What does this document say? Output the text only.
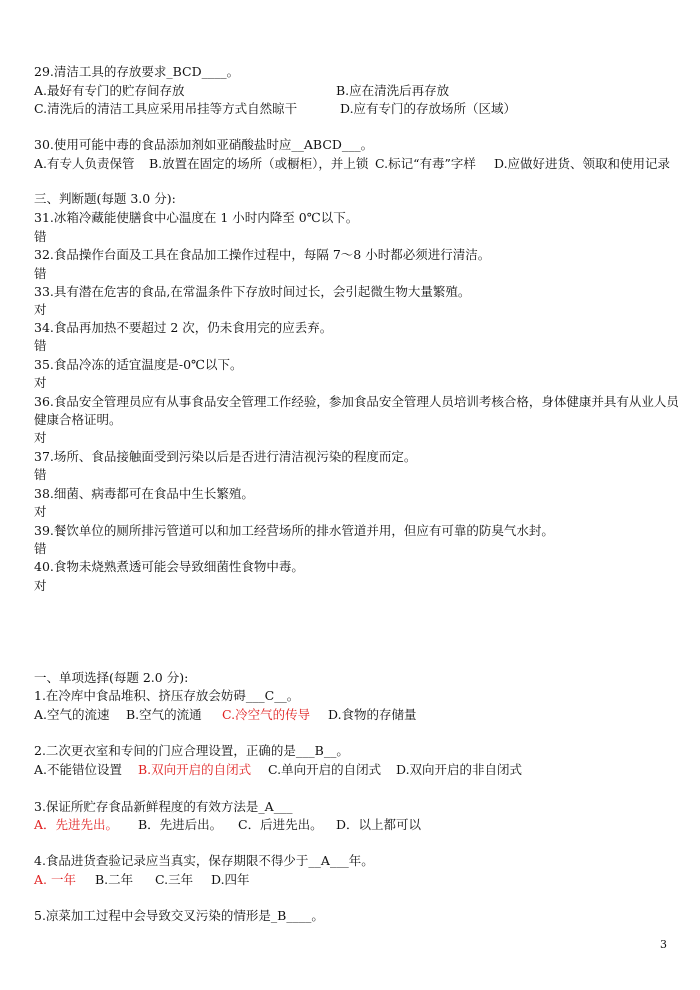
29.清洁工具的存放要求_BCD____。
A.最好有专门的贮存间存放	B.应在清洗后再存放
C.清洗后的清洁工具应采用吊挂等方式自然晾干	D.应有专门的存放场所（区域）
30.使用可能中毒的食品添加剂如亚硝酸盐时应__ABCD___。
A.有专人负责保管 B.放置在固定的场所（或橱柜），并上锁 C.标记“有毒”字样 D.应做好进货、领取和使用记录
三、判断题(每题 3.0 分):
31.冰箱冷藏能使膳食中心温度在 1 小时内降至 0℃以下。
错
32.食品操作台面及工具在食品加工操作过程中，每隔 7～8 小时都必须进行清洁。
错
33.具有潜在危害的食品,在常温条件下存放时间过长，会引起微生物大量繁殖。
对
34.食品再加热不要超过 2 次，仍未食用完的应丢弃。
错
35.食品冷冻的适宜温度是-0℃以下。
对
36.食品安全管理员应有从事食品安全管理工作经验，参加食品安全管理人员培训考核合格，身体健康并具有从业人员健康合格证明。
对
37.场所、食品接触面受到污染以后是否进行清洁视污染的程度而定。
错
38.细菌、病毒都可在食品中生长繁殖。
对
39.餐饮单位的厕所排污管道可以和加工经营场所的排水管道并用，但应有可靠的防臭气水封。
错
40.食物未烧熟煮透可能会导致细菌性食物中毒。
对
一、单项选择(每题 2.0 分):
1.在冷库中食品堆积、挤压存放会妨碍___C__。
A.空气的流速 B.空气的流通 C.冷空气的传导 D.食物的存储量
2.二次更衣室和专间的门应合理设置，正确的是___B__。
A.不能错位设置 B.双向开启的自闭式 C.单向开启的自闭式 D.双向开启的非自闭式
3.保证所贮存食品新鲜程度的有效方法是_A___
A．先进先出。 B．先进后出。 C．后进先出。 D．以上都可以
4.食品进货查验记录应当真实，保存期限不得少于__A___年。
A. 一年 B.二年 C.三年 D.四年
5.凉菜加工过程中会导致交叉污染的情形是_B____。
3
